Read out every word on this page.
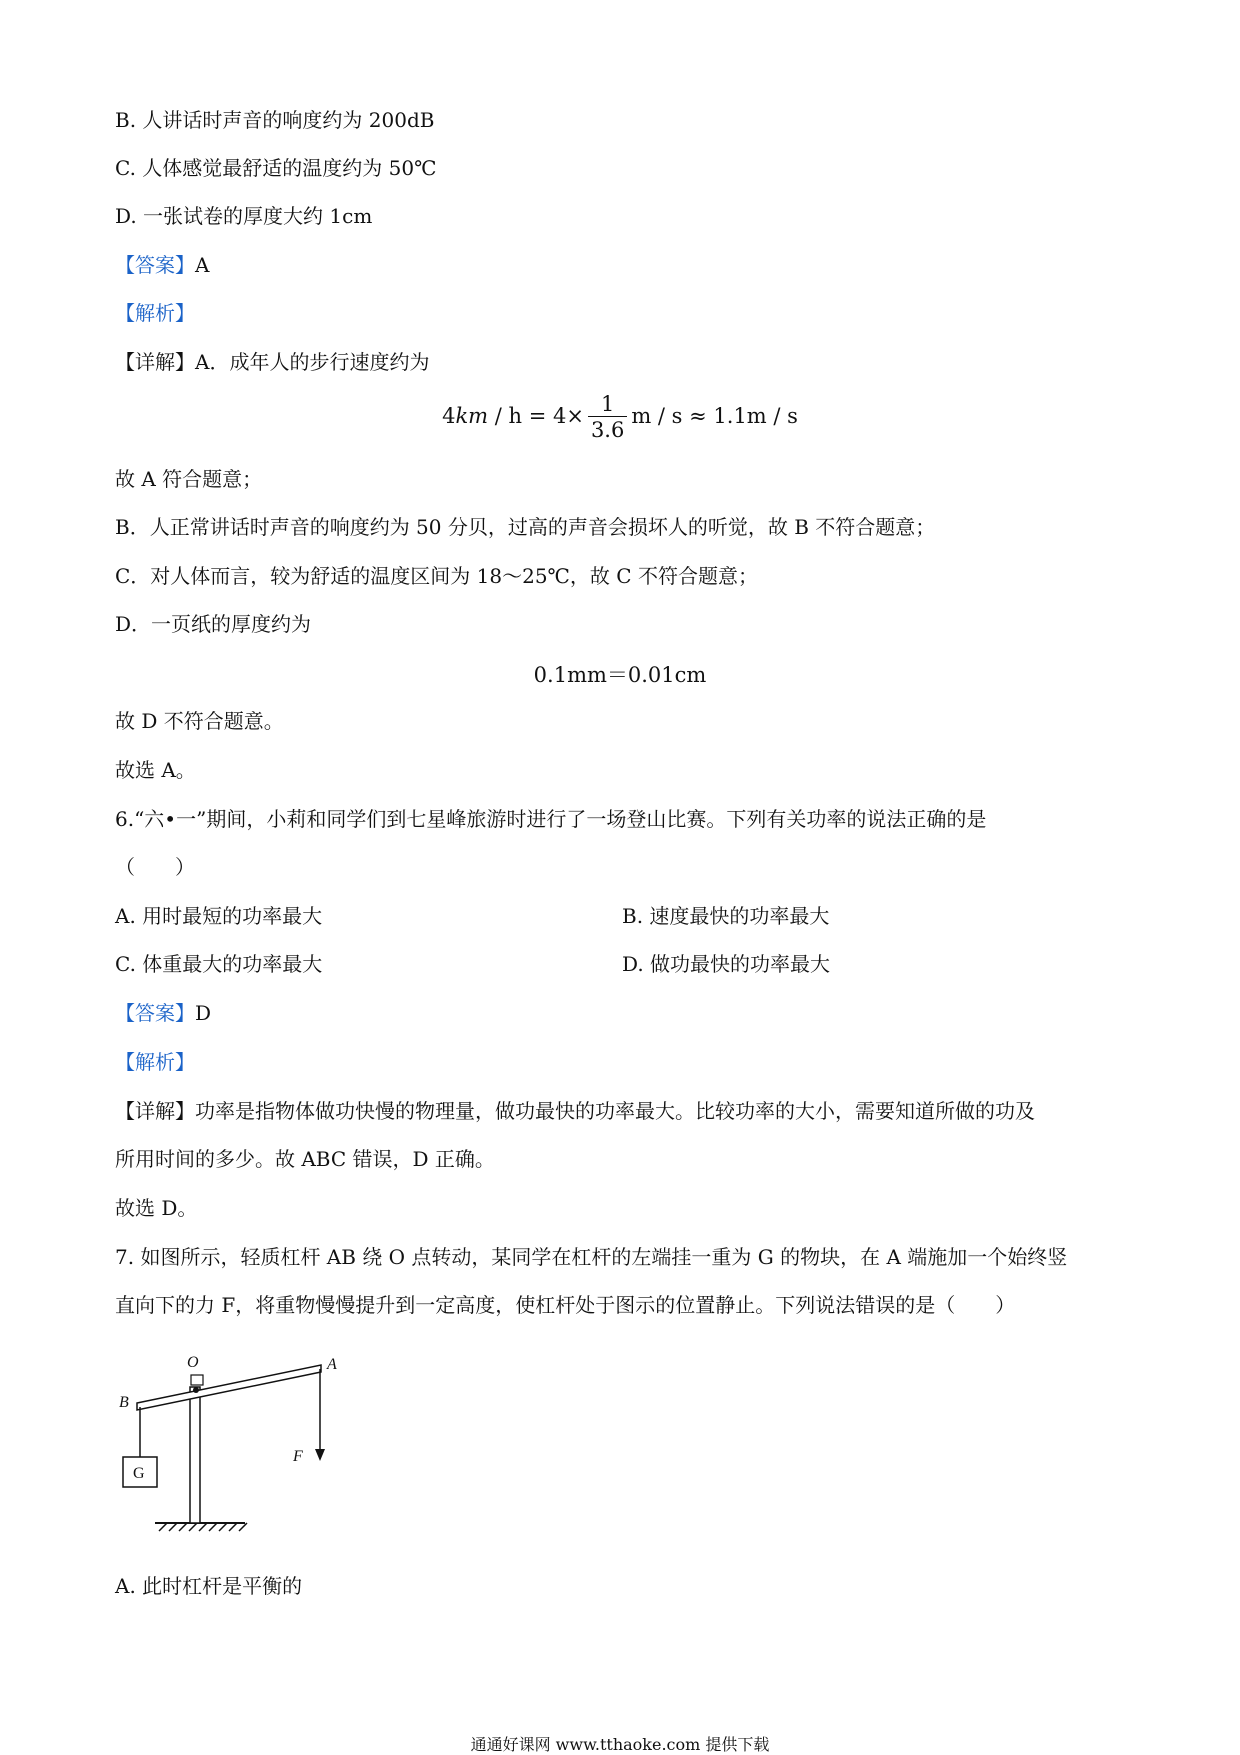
B. 人讲话时声音的响度约为 200dB
C. 人体感觉最舒适的温度约为 50℃
D. 一张试卷的厚度大约 1cm
【答案】A
【解析】
【详解】A．成年人的步行速度约为
$4km / h = 4\times \frac{1}{3.6}$ m / s ≈ 1.1m / s
故 A 符合题意；
B．人正常讲话时声音的响度约为 50 分贝，过高的声音会损坏人的听觉，故 B 不符合题意；
C．对人体而言，较为舒适的温度区间为 18～25℃，故 C 不符合题意；
D．一页纸的厚度约为
0.1mm＝0.01cm
故 D 不符合题意。
故选 A。
6.“六•一”期间，小莉和同学们到七星峰旅游时进行了一场登山比赛。下列有关功率的说法正确的是
（　　）
A. 用时最短的功率最大	B. 速度最快的功率最大
C. 体重最大的功率最大	D. 做功最快的功率最大
【答案】D
【解析】
【详解】功率是指物体做功快慢的物理量，做功最快的功率最大。比较功率的大小，需要知道所做的功及
所用时间的多少。故 ABC 错误，D 正确。
故选 D。
7. 如图所示，轻质杠杆 AB 绕 O 点转动，某同学在杠杆的左端挂一重为 G 的物块，在 A 端施加一个始终竖
直向下的力 F，将重物慢慢提升到一定高度，使杠杆处于图示的位置静止。下列说法错误的是（　　）
O	A
B
F
G
A. 此时杠杆是平衡的
通通好课网 www.tthaoke.com 提供下载
